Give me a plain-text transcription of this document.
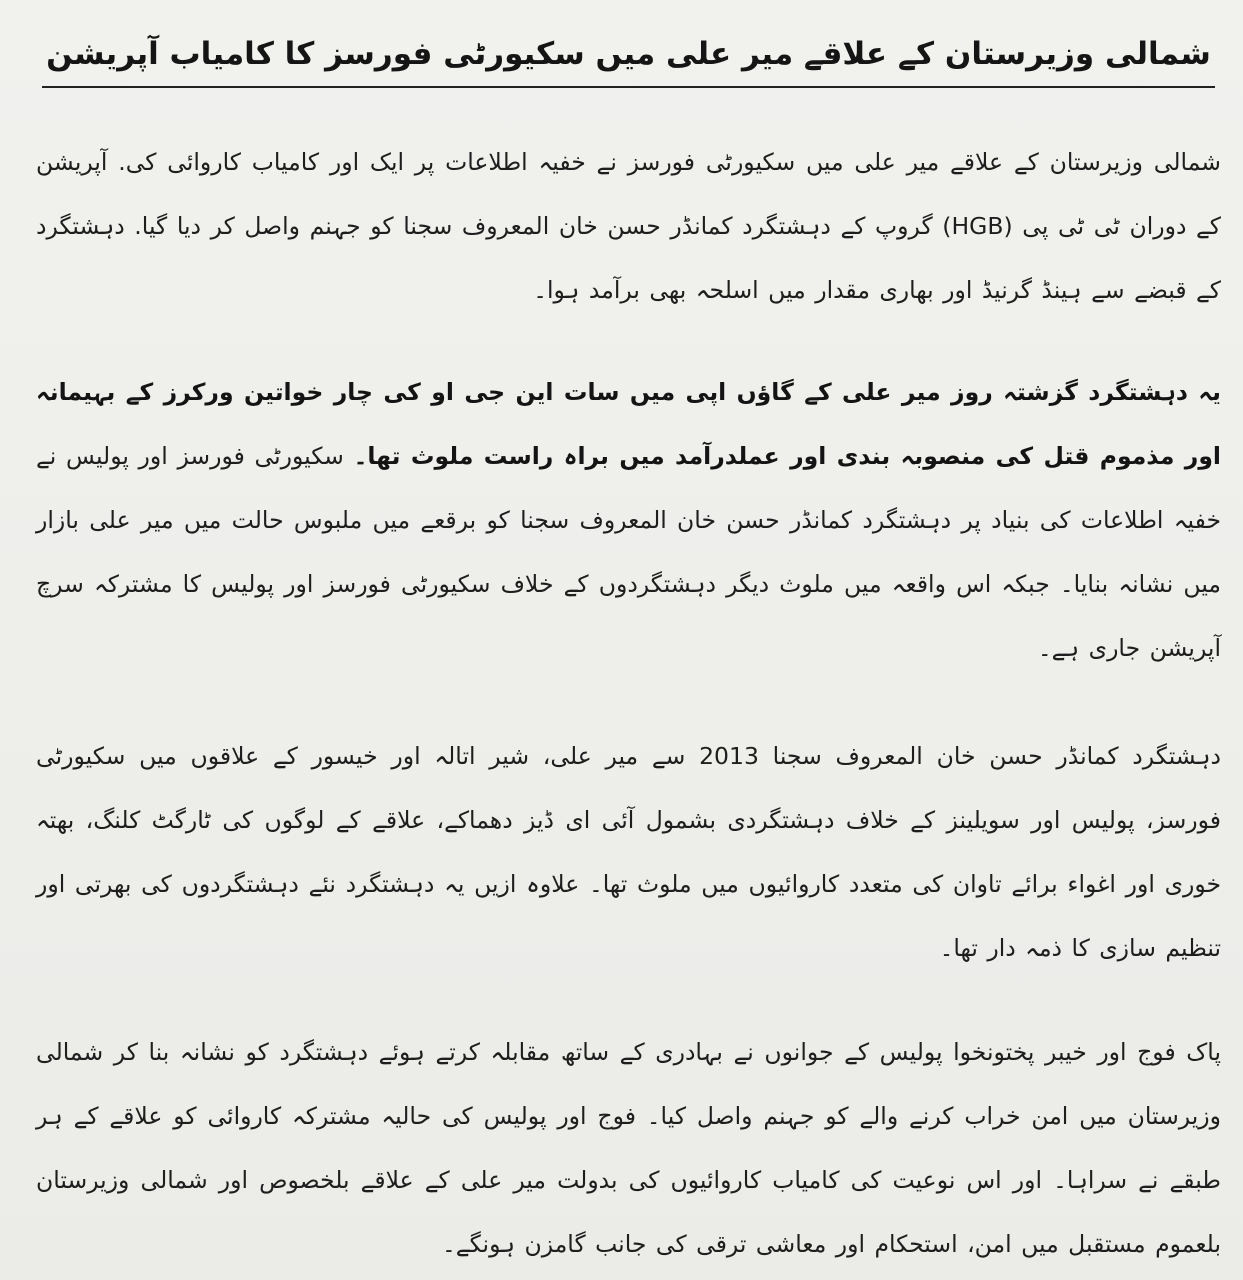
شمالی وزیرستان کے علاقے میر علی میں سکیورٹی فورسز کا کامیاب آپریشن

شمالی وزیرستان کے علاقے میر علی میں سکیورٹی فورسز نے خفیہ اطلاعات پر ایک اور کامیاب کاروائی کی. آپریشن کے دوران ٹی ٹی پی (HGB) گروپ کے دہشتگرد کمانڈر حسن خان المعروف سجنا کو جہنم واصل کر دیا گیا. دہشتگرد کے قبضے سے ہینڈ گرنیڈ اور بھاری مقدار میں اسلحہ بھی برآمد ہوا۔

یہ دہشتگرد گزشتہ روز میر علی کے گاؤں اپی میں سات این جی او کی چار خواتین ورکرز کے بہیمانہ اور مذموم قتل کی منصوبہ بندی اور عملدرآمد میں براہ راست ملوث تھا۔ سکیورٹی فورسز اور پولیس نے خفیہ اطلاعات کی بنیاد پر دہشتگرد کمانڈر حسن خان المعروف سجنا کو برقعے میں ملبوس حالت میں میر علی بازار میں نشانہ بنایا۔ جبکہ اس واقعہ میں ملوث دیگر دہشتگردوں کے خلاف سکیورٹی فورسز اور پولیس کا مشترکہ سرچ آپریشن جاری ہے۔

دہشتگرد کمانڈر حسن خان المعروف سجنا 2013 سے میر علی، شیر اتالہ اور خیسور کے علاقوں میں سکیورٹی فورسز، پولیس اور سویلینز کے خلاف دہشتگردی بشمول آئی ای ڈیز دھماکے، علاقے کے لوگوں کی ٹارگٹ کلنگ، بھتہ خوری اور اغواء برائے تاوان کی متعدد کاروائیوں میں ملوث تھا۔ علاوہ ازیں یہ دہشتگرد نئے دہشتگردوں کی بھرتی اور تنظیم سازی کا ذمہ دار تھا۔

پاک فوج اور خیبر پختونخوا پولیس کے جوانوں نے بہادری کے ساتھ مقابلہ کرتے ہوئے دہشتگرد کو نشانہ بنا کر شمالی وزیرستان میں امن خراب کرنے والے کو جہنم واصل کیا۔ فوج اور پولیس کی حالیہ مشترکہ کاروائی کو علاقے کے ہر طبقے نے سراہا۔ اور اس نوعیت کی کامیاب کاروائیوں کی بدولت میر علی کے علاقے بلخصوص اور شمالی وزیرستان بلعموم مستقبل میں امن، استحکام اور معاشی ترقی کی جانب گامزن ہونگے۔
